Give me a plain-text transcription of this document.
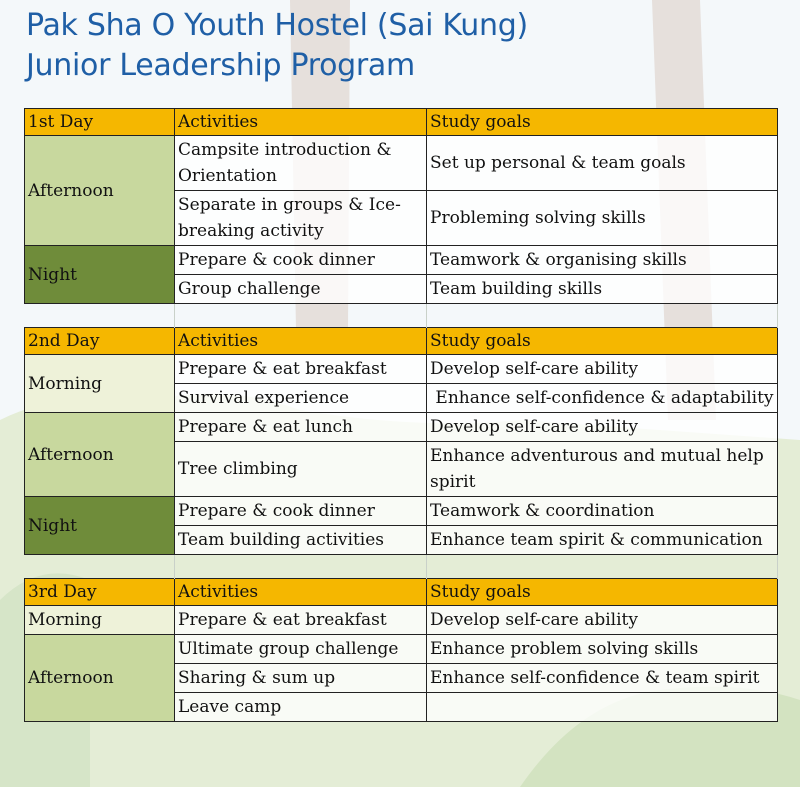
Pak Sha O Youth Hostel (Sai Kung)
Junior Leadership Program
1st Day	Activities	Study goals
Afternoon	Campsite introduction & Orientation	Set up personal & team goals
	Separate in groups & Ice-breaking activity	Probleming solving skills
Night	Prepare & cook dinner	Teamwork & organising skills
	Group challenge	Team building skills

2nd Day	Activities	Study goals
Morning	Prepare & eat breakfast	Develop self-care ability
	Survival experience	Enhance self-confidence & adaptability
Afternoon	Prepare & eat lunch	Develop self-care ability
	Tree climbing	Enhance adventurous and mutual help spirit
Night	Prepare & cook dinner	Teamwork & coordination
	Team building activities	Enhance team spirit & communication

3rd Day	Activities	Study goals
Morning	Prepare & eat breakfast	Develop self-care ability
Afternoon	Ultimate group challenge	Enhance problem solving skills
	Sharing & sum up	Enhance self-confidence & team spirit
	Leave camp	
